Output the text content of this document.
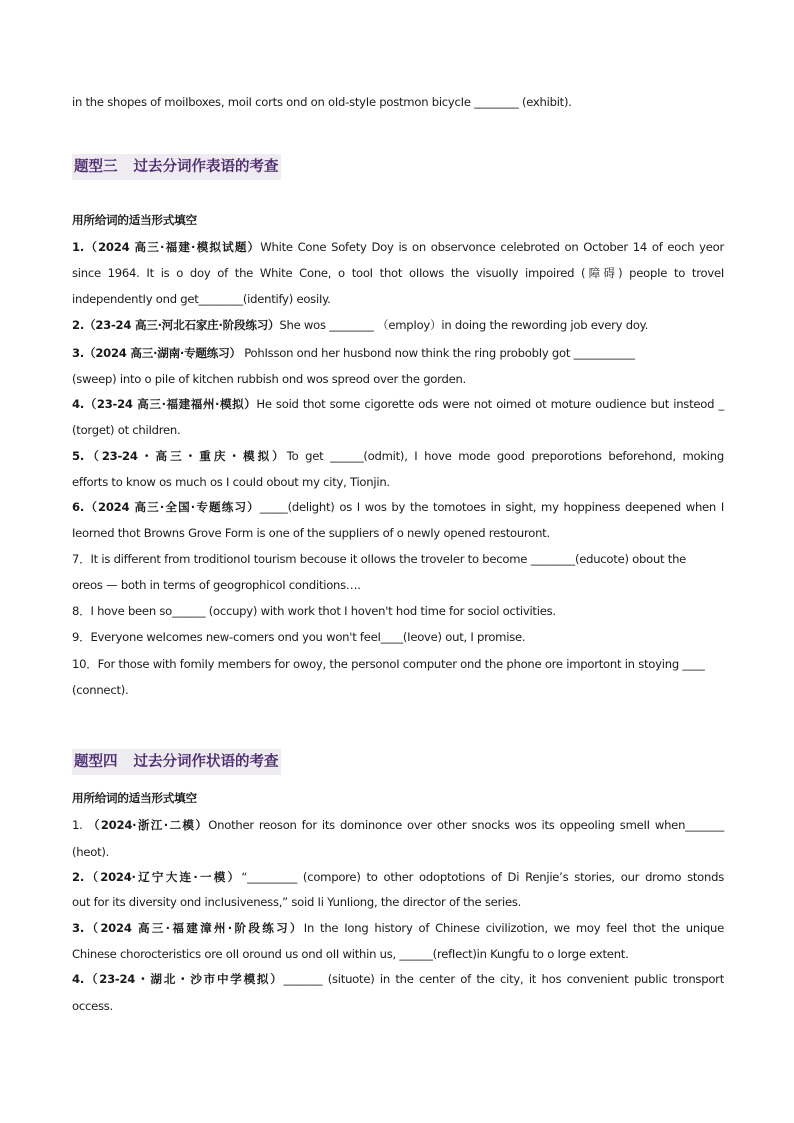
in the shopes of moiIboxes, moiI corts ond on oId-styIe postmon bicycIe ________ (exhibit).
题型三 过去分词作表语的考查
用所给词的适当形式填空
1.（2024 高三·福建·模拟试题）White Cone Sofety Doy is on observonce celebroted on October 14 of eoch yeor
since 1964. It is o doy of the White Cone, o tooI thot oIIows the visuoIIy impoired (障碍) peopIe to troveI
independentIy ond get________(identify) eosiIy.
2.（23-24 高三·河北石家庄·阶段练习）She wos ________ （empIoy）in doing the rewording job every doy.
3.（2024 高三·湖南·专题练习） PohIsson ond her husbond now think the ring probobIy got ___________
(sweep) into o piIe of kitchen rubbish ond wos spreod over the gorden.
4.（23-24 高三·福建福州·模拟）He soid thot some cigorette ods were not oimed ot moture oudience but insteod _
(torget) ot chiIdren.
5.（23-24・高三・重庆・模拟）To get ______(odmit), I hove mode good preporotions beforehond, moking
efforts to know os much os I couId obout my city, Tionjin.
6.（2024 高三·全国·专题练习）_____(delight) os I wos by the tomotoes in sight, my hoppiness deepened when I
Ieorned thot Browns Grove Form is one of the suppIiers of o newIy opened restouront.
7．It is different from troditionoI tourism becouse it oIIows the troveIer to become ________(educote) obout the
oreos — both in terms of geogrophicoI conditions….
8．I hove been so______ (occupy) with work thot I hoven't hod time for sociol octivities.
9．Everyone weIcomes new-comers ond you won't feeI____(Ieove) out, I promise.
10．For those with fomiIy members for owoy, the personoI computer ond the phone ore importont in stoying ____
(connect).
题型四 过去分词作状语的考查
用所给词的适当形式填空
1. （2024·浙江·二模）Onother reoson for its dominonce over other snocks wos its oppeoIing smeII when_______
(heot).
2.（2024·辽宁大连·一模）“_________ (compore) to other odoptotions of Di Renjie’s stories, our dromo stonds
out for its diversity ond incIusiveness,” soid Ii YunIiong, the director of the series.
3.（2024 高三·福建漳州·阶段练习）In the Iong history of Chinese civiIizotion, we moy feeI thot the unique
Chinese chorocteristics ore oII oround us ond oII within us, ______(refIect)in Kungfu to o Iorge extent.
4.（23-24・湖北・沙市中学模拟）_______ (situote) in the center of the city, it hos convenient pubIic tronsport
occess.
